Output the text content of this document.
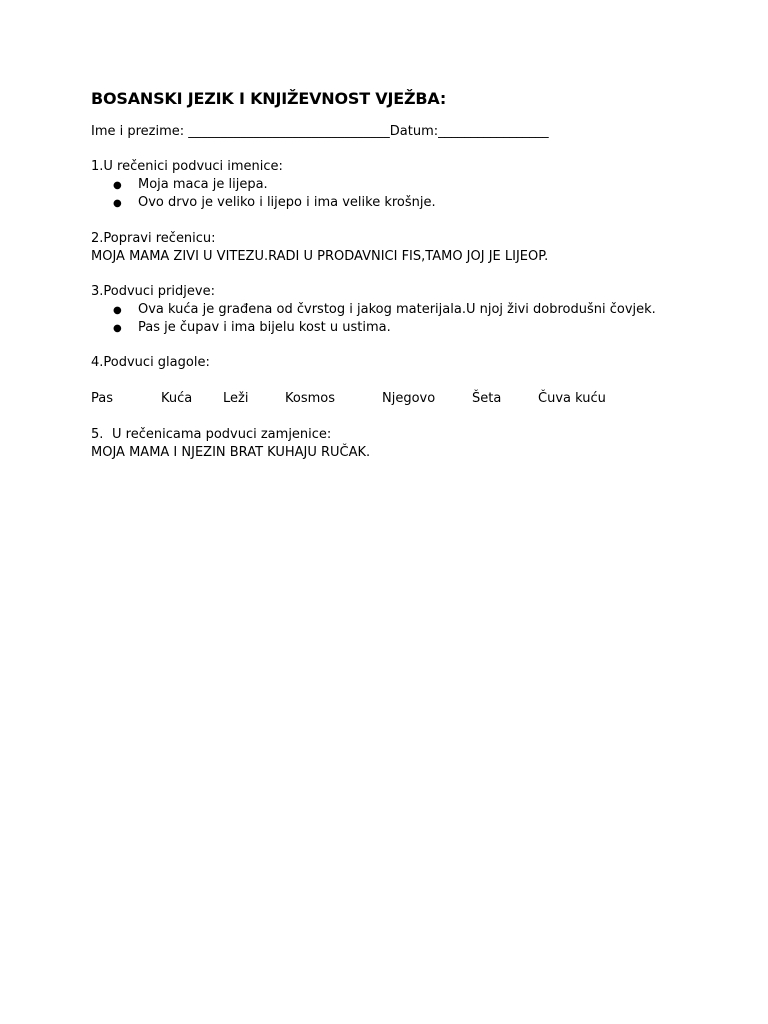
BOSANSKI JEZIK I KNJIŽEVNOST VJEŽBA:
Ime i prezime: _______________________________Datum:_________________
1.U rečenici podvuci imenice:
● Moja maca je lijepa.
● Ovo drvo je veliko i lijepo i ima velike krošnje.
2.Popravi rečenicu:
MOJA MAMA ZIVI U VITEZU.RADI U PRODAVNICI FIS,TAMO JOJ JE LIJEOP.
3.Podvuci pridjeve:
● Ova kuća je građena od čvrstog i jakog materijala.U njoj živi dobrodušni čovjek.
● Pas je čupav i ima bijelu kost u ustima.
4.Podvuci glagole:
Pas	Kuća Leži	Kosmos	Njegovo	Šeta	Čuva kuću
5. U rečenicama podvuci zamjenice:
MOJA MAMA I NJEZIN BRAT KUHAJU RUČAK.
